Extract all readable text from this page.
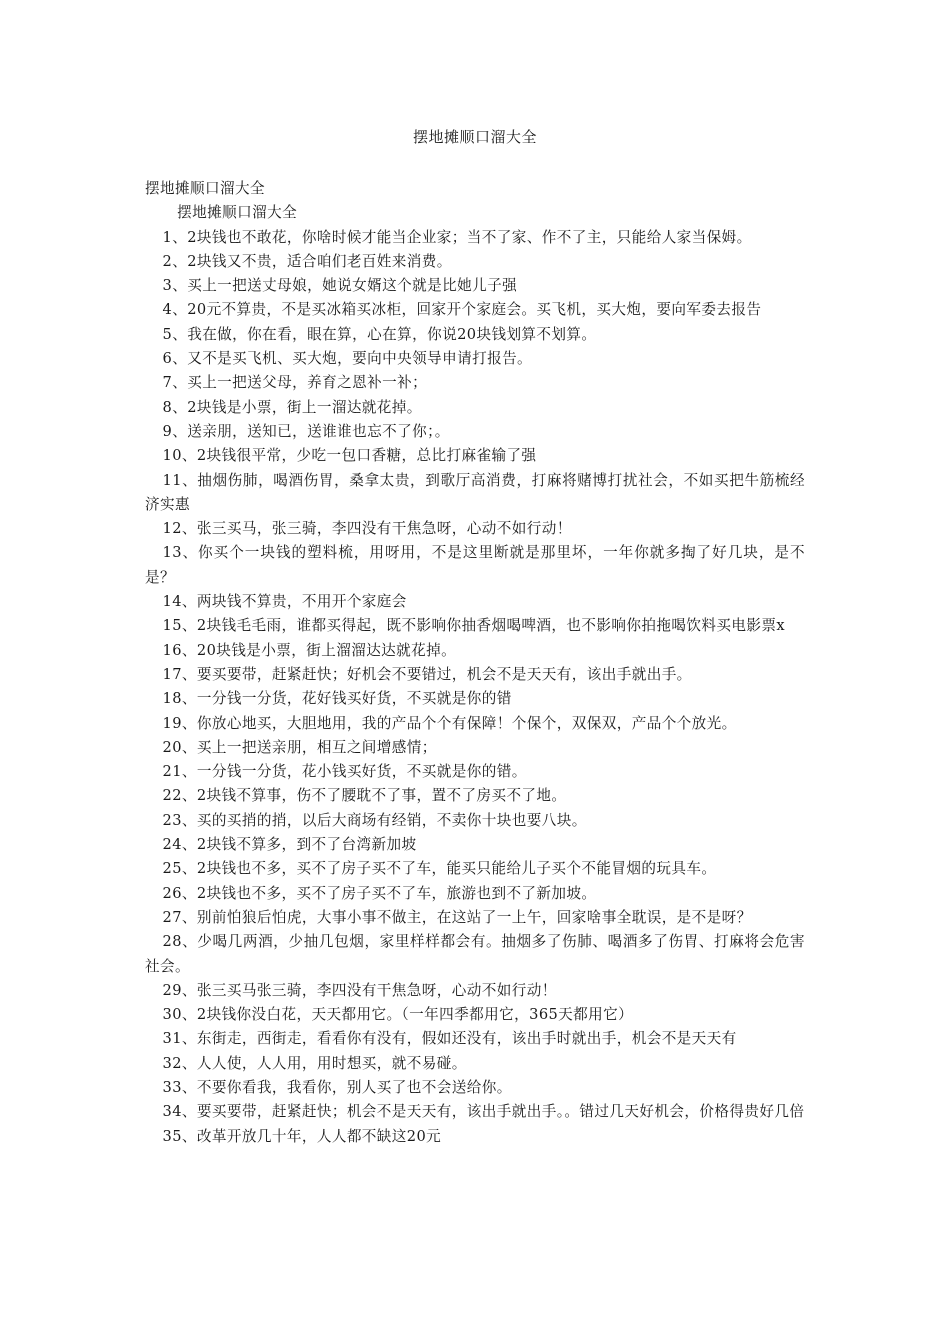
摆地摊顺口溜大全

摆地摊顺口溜大全

摆地摊顺口溜大全

1、2块钱也不敢花，你啥时候才能当企业家；当不了家、作不了主，只能给人家当保姆。

2、2块钱又不贵，适合咱们老百姓来消费。

3、买上一把送丈母娘，她说女婿这个就是比她儿子强

4、20元不算贵，不是买冰箱买冰柜，回家开个家庭会。买飞机，买大炮，要向军委去报告

5、我在做，你在看，眼在算，心在算，你说20块钱划算不划算。

6、又不是买飞机、买大炮，要向中央领导申请打报告。

7、买上一把送父母，养育之恩补一补；

8、2块钱是小票，街上一溜达就花掉。

9、送亲朋，送知已，送谁谁也忘不了你；。

10、2块钱很平常，少吃一包口香糖，总比打麻雀输了强

11、抽烟伤肺，喝酒伤胃，桑拿太贵，到歌厅高消费，打麻将赌博打扰社会，不如买把牛筋梳经济实惠

12、张三买马，张三骑，李四没有干焦急呀，心动不如行动！

13、你买个一块钱的塑料梳，用呀用，不是这里断就是那里坏，一年你就多掏了好几块，是不是？

14、两块钱不算贵，不用开个家庭会

15、2块钱毛毛雨，谁都买得起，既不影响你抽香烟喝啤酒，也不影响你拍拖喝饮料买电影票x

16、20块钱是小票，街上溜溜达达就花掉。

17、要买要带，赶紧赶快；好机会不要错过，机会不是天天有，该出手就出手。

18、一分钱一分货，花好钱买好货，不买就是你的错

19、你放心地买，大胆地用，我的产品个个有保障！个保个，双保双，产品个个放光。

20、买上一把送亲朋，相互之间增感情；

21、一分钱一分货，花小钱买好货，不买就是你的错。

22、2块钱不算事，伤不了腰耽不了事，置不了房买不了地。

23、买的买捎的捎，以后大商场有经销，不卖你十块也要八块。

24、2块钱不算多，到不了台湾新加坡

25、2块钱也不多，买不了房子买不了车，能买只能给儿子买个不能冒烟的玩具车。

26、2块钱也不多，买不了房子买不了车，旅游也到不了新加坡。

27、别前怕狼后怕虎，大事小事不做主，在这站了一上午，回家啥事全耽误，是不是呀？

28、少喝几两酒，少抽几包烟，家里样样都会有。抽烟多了伤肺、喝酒多了伤胃、打麻将会危害社会。

29、张三买马张三骑，李四没有干焦急呀，心动不如行动！

30、2块钱你没白花，天天都用它。（一年四季都用它，365天都用它）

31、东街走，西街走，看看你有没有，假如还没有，该出手时就出手，机会不是天天有

32、人人使，人人用，用时想买，就不易碰。

33、不要你看我，我看你，别人买了也不会送给你。

34、要买要带，赶紧赶快；机会不是天天有，该出手就出手。。错过几天好机会，价格得贵好几倍

35、改革开放几十年，人人都不缺这20元
